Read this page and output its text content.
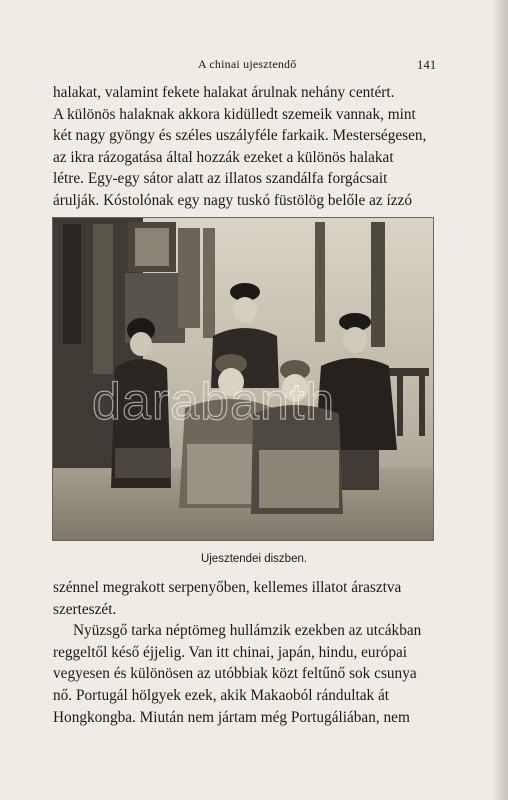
A chinai ujesztendő	141

halakat, valamint fekete halakat árulnak nehány centért.

A különös halaknak akkora kidülledt szemeik vannak, mint

két nagy gyöngy és széles uszályféle farkaik. Mesterségesen,

az ikra rázogatása által hozzák ezeket a különös halakat

létre. Egy-egy sátor alatt az illatos szandálfa forgácsait

árulják. Kóstolónak egy nagy tuskó füstölög belőle az ízzó

Ujesztendei diszben.

szénnel megrakott serpenyőben, kellemes illatot árasztva

szerteszét.

Nyüzsgő tarka néptömeg hullámzik ezekben az utcákban

reggeltől késő éjjelig. Van itt chinai, japán, hindu, európai

vegyesen és különösen az utóbbiak közt feltűnő sok csunya

nő. Portugál hölgyek ezek, akik Makaoból rándultak át

Hongkongba. Miután nem jártam még Portugáliában, nem
